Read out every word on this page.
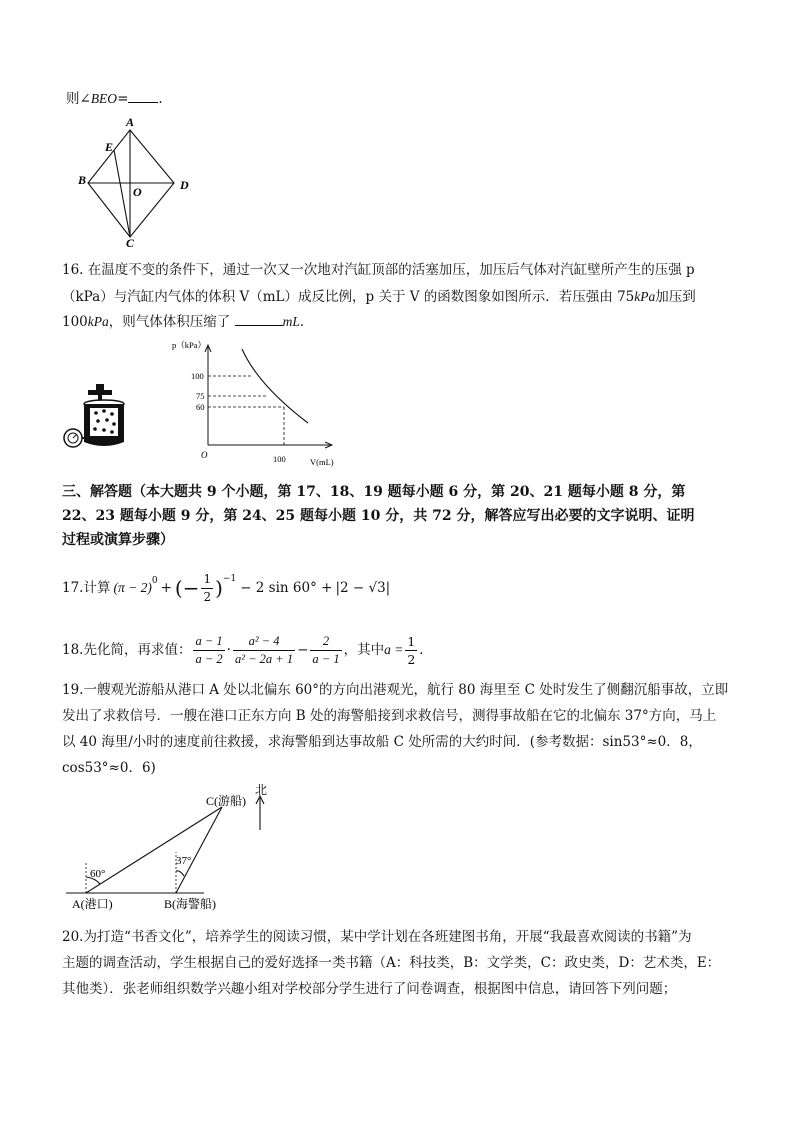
则∠BEO= .
A
E
B
O	D
C
16. 在温度不变的条件下，通过一次又一次地对汽缸顶部的活塞加压，加压后气体对汽缸壁所产生的压强 p
（kPa）与汽缸内气体的体积 V（mL）成反比例，p 关于 V 的函数图象如图所示．若压强由 75kPa加压到
100kPa，则气体体积压缩了	mL．
p（kPa）
100
75
60
O	100	V(mL)
三、解答题（本大题共 9 个小题，第 17、18、19 题每小题 6 分，第 20、21 题每小题 8 分，第
22、23 题每小题 9 分，第 24、25 题每小题 10 分，共 72 分，解答应写出必要的文字说明、证明
过程或演算步骤）
17.计算 $(\pi - 2)^0$ + (− $\frac{1}{2} )^{-1}$
− 2 sin 60° + |2 − √3|
18.先化简，再求值： $\frac{a - 1}{a - 2} \cdot \frac{\text{a² − 4}}{\text{a² − 2a + 1}} - \frac{2}{a - 1}$ ，其中 $a = \frac{1}{2}$ ．
19.一艘观光游船从港口 A 处以北偏东 60°的方向出港观光，航行 80 海里至 C 处时发生了侧翻沉船事故，立即
发出了求救信号．一艘在港口正东方向 B 处的海警船接到求救信号，测得事故船在它的北偏东 37°方向，马上
以 40 海里/小时的速度前往救援，求海警船到达事故船 C 处所需的大约时间．(参考数据：sin53°≈0．8，
cos53°≈0．6)
C(游船)
北
60°
37°
A(港口)	B(海警船)
20.为打造“书香文化”，培养学生的阅读习惯，某中学计划在各班建图书角，开展“我最喜欢阅读的书籍”为
主题的调查活动，学生根据自己的爱好选择一类书籍（A：科技类，B：文学类，C：政史类，D：艺术类，E：
其他类）．张老师组织数学兴趣小组对学校部分学生进行了问卷调查，根据图中信息，请回答下列问题；
